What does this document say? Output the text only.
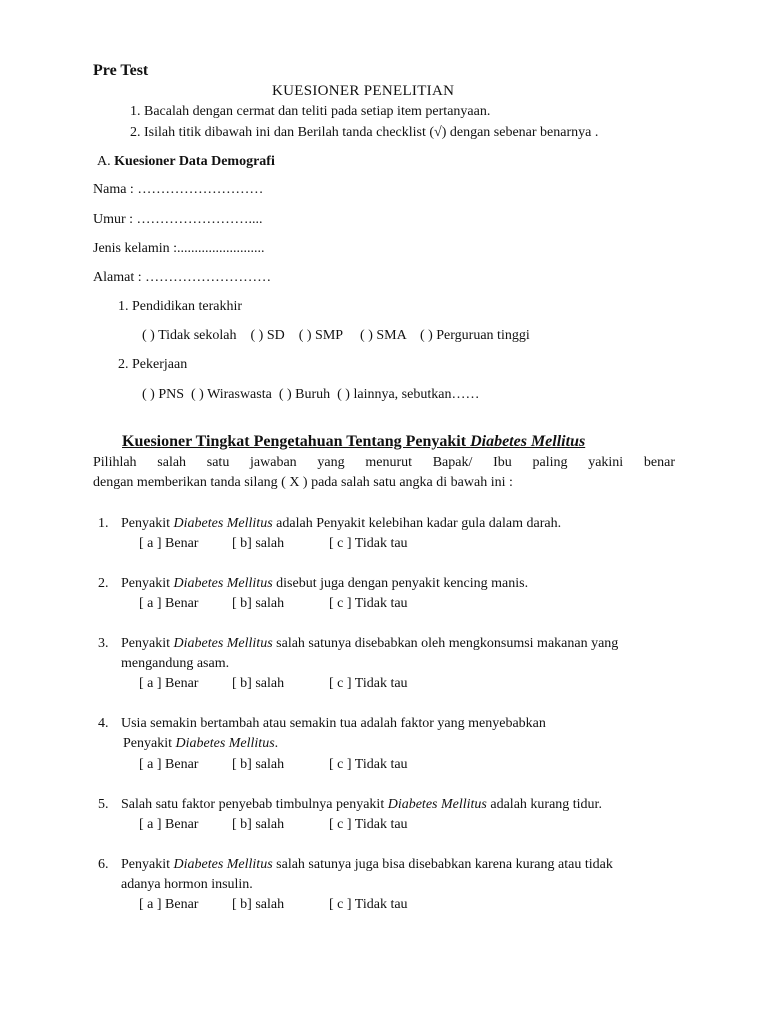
Pre Test
KUESIONER PENELITIAN
1. Bacalah dengan cermat dan teliti pada setiap item pertanyaan.
2. Isilah titik dibawah ini dan Berilah tanda checklist (√) dengan sebenar benarnya .
A. Kuesioner Data Demografi
Nama : ………………………
Umur : ……………………....
Jenis kelamin :.........................
Alamat : ………………………
1. Pendidikan terakhir
( ) Tidak sekolah    ( ) SD    ( ) SMP     ( ) SMA    ( ) Perguruan tinggi
2. Pekerjaan
( ) PNS  ( ) Wiraswasta  ( ) Buruh  ( ) lainnya, sebutkan……
Kuesioner Tingkat Pengetahuan Tentang Penyakit Diabetes Mellitus
Pilihlah salah satu jawaban yang menurut Bapak/ Ibu paling yakini benar
dengan memberikan tanda silang ( X ) pada salah satu angka di bawah ini :
1. Penyakit Diabetes Mellitus adalah Penyakit kelebihan kadar gula dalam darah.
[ a ] Benar [ b] salah	[ c ] Tidak tau
2. Penyakit Diabetes Mellitus disebut juga dengan penyakit kencing manis.
[ a ] Benar [ b] salah	[ c ] Tidak tau
3. Penyakit Diabetes Mellitus salah satunya disebabkan oleh mengkonsumsi makanan yang
mengandung asam.
[ a ] Benar [ b] salah	[ c ] Tidak tau
4. Usia semakin bertambah atau semakin tua adalah faktor yang menyebabkan
Penyakit Diabetes Mellitus.
[ a ] Benar [ b] salah	[ c ] Tidak tau
5. Salah satu faktor penyebab timbulnya penyakit Diabetes Mellitus adalah kurang tidur.
[ a ] Benar [ b] salah	[ c ] Tidak tau
6. Penyakit Diabetes Mellitus salah satunya juga bisa disebabkan karena kurang atau tidak
adanya hormon insulin.
[ a ] Benar [ b] salah	[ c ] Tidak tau
